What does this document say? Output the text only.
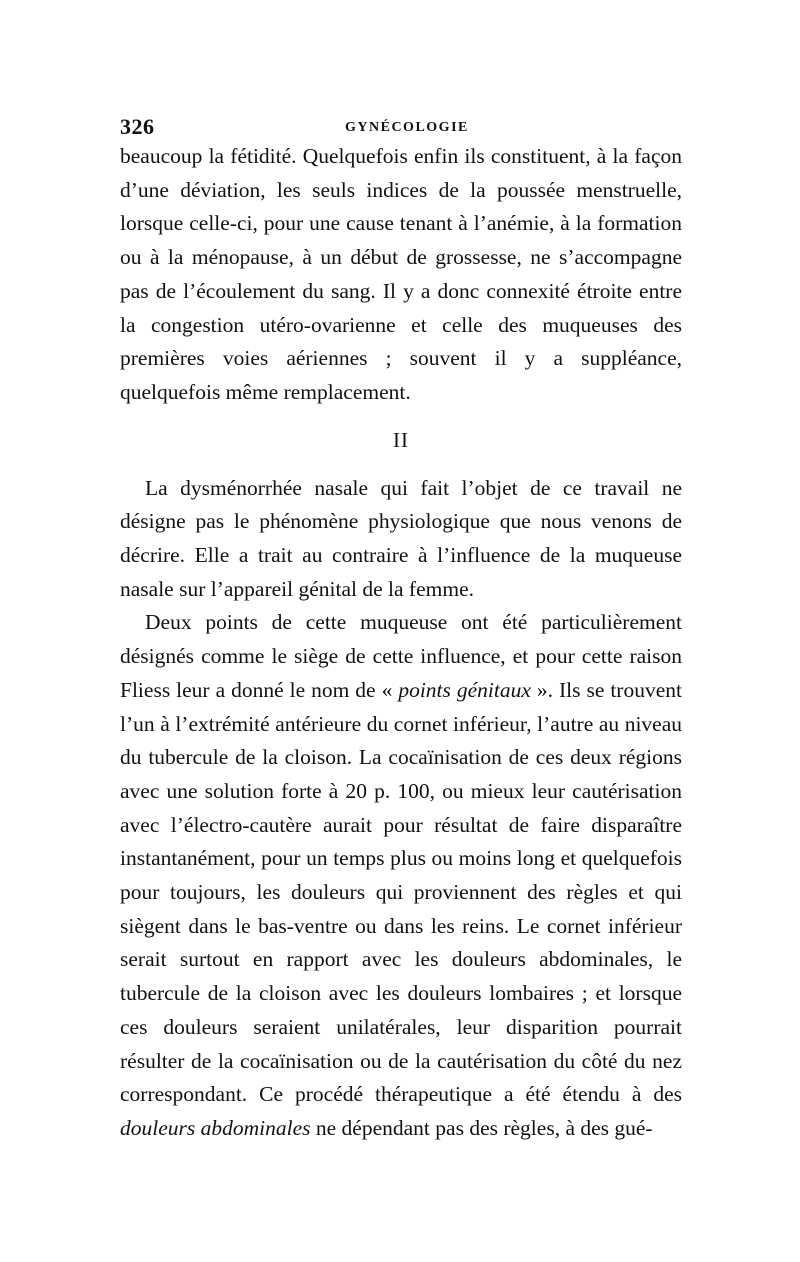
326	GYNÉCOLOGIE

beaucoup la fétidité. Quelquefois enfin ils constituent, à la façon d’une déviation, les seuls indices de la poussée menstruelle, lorsque celle-ci, pour une cause tenant à l’anémie, à la formation ou à la ménopause, à un début de grossesse, ne s’accompagne pas de l’écoulement du sang. Il y a donc connexité étroite entre la congestion utéro-ovarienne et celle des muqueuses des premières voies aériennes ; souvent il y a suppléance, quelquefois même remplacement.

II

La dysménorrhée nasale qui fait l’objet de ce travail ne désigne pas le phénomène physiologique que nous venons de décrire. Elle a trait au contraire à l’influence de la muqueuse nasale sur l’appareil génital de la femme.

Deux points de cette muqueuse ont été particulièrement désignés comme le siège de cette influence, et pour cette raison Fliess leur a donné le nom de « points génitaux ». Ils se trouvent l’un à l’extrémité antérieure du cornet inférieur, l’autre au niveau du tubercule de la cloison. La cocaïnisation de ces deux régions avec une solution forte à 20 p. 100, ou mieux leur cautérisation avec l’électro-cautère aurait pour résultat de faire disparaître instantanément, pour un temps plus ou moins long et quelquefois pour toujours, les douleurs qui proviennent des règles et qui siègent dans le bas-ventre ou dans les reins. Le cornet inférieur serait surtout en rapport avec les douleurs abdominales, le tubercule de la cloison avec les douleurs lombaires ; et lorsque ces douleurs seraient unilatérales, leur disparition pourrait résulter de la cocaïnisation ou de la cautérisation du côté du nez correspondant. Ce procédé thérapeutique a été étendu à des douleurs abdominales ne dépendant pas des règles, à des gué-
